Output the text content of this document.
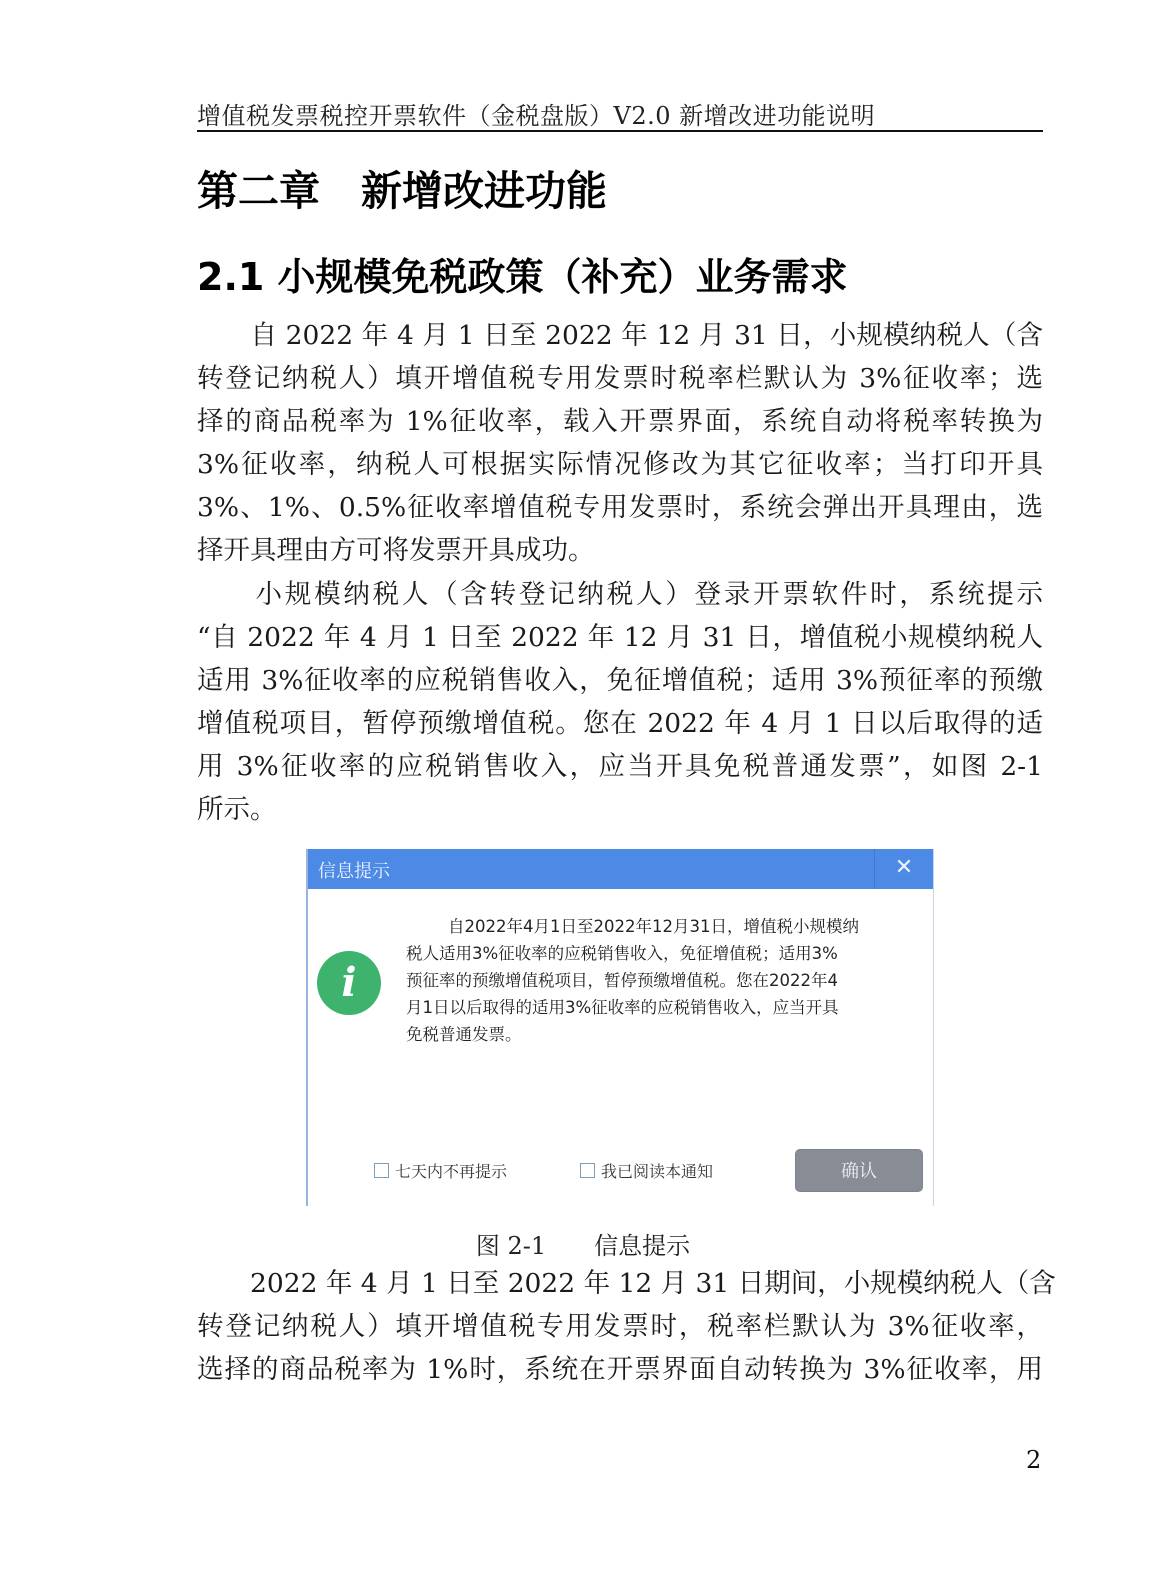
增值税发票税控开票软件（金税盘版）V2.0 新增改进功能说明
第二章　新增改进功能
2.1 小规模免税政策（补充）业务需求

　　自 2022 年 4 月 1 日至 2022 年 12 月 31 日，小规模纳税人（含
转登记纳税人）填开增值税专用发票时税率栏默认为 3%征收率；选
择的商品税率为 1%征收率，载入开票界面，系统自动将税率转换为
3%征收率，纳税人可根据实际情况修改为其它征收率；当打印开具
3%、1%、0.5%征收率增值税专用发票时，系统会弹出开具理由，选
择开具理由方可将发票开具成功。

　　小规模纳税人（含转登记纳税人）登录开票软件时，系统提示
“自 2022 年 4 月 1 日至 2022 年 12 月 31 日，增值税小规模纳税人
适用 3%征收率的应税销售收入，免征增值税；适用 3%预征率的预缴
增值税项目，暂停预缴增值税。您在 2022 年 4 月 1 日以后取得的适
用 3%征收率的应税销售收入，应当开具免税普通发票”，如图 2-1
所示。

信息提示	✕
i
自2022年4月1日至2022年12月31日，增值税小规模纳
税人适用3%征收率的应税销售收入，免征增值税；适用3%
预征率的预缴增值税项目，暂停预缴增值税。您在2022年4
月1日以后取得的适用3%征收率的应税销售收入，应当开具
免税普通发票。
七天内不再提示	我已阅读本通知	确认
图 2-1　　信息提示

　　2022 年 4 月 1 日至 2022 年 12 月 31 日期间，小规模纳税人（含
转登记纳税人）填开增值税专用发票时，税率栏默认为 3%征收率，
选择的商品税率为 1%时，系统在开票界面自动转换为 3%征收率，用

2
